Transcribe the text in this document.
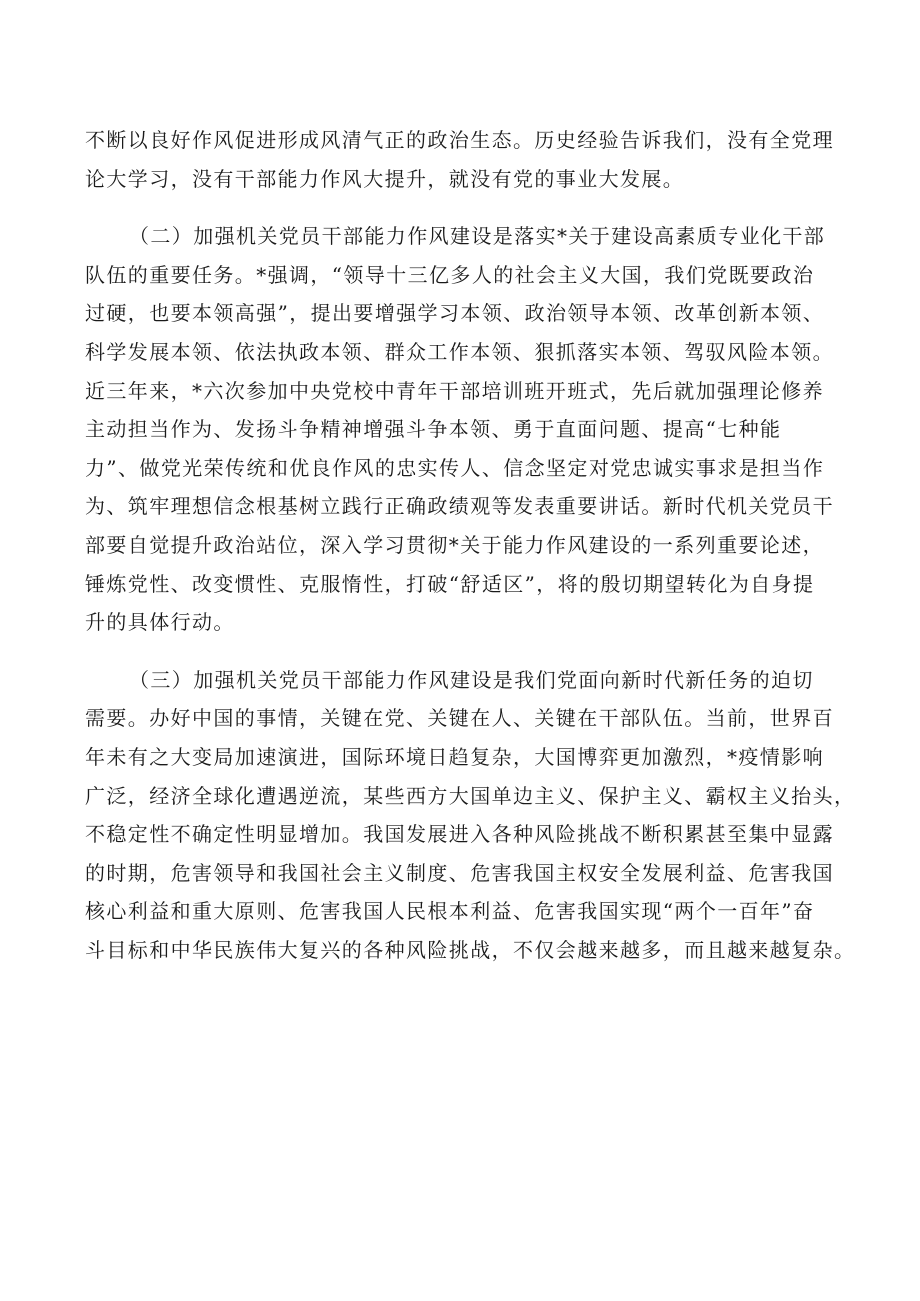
不断以良好作风促进形成风清气正的政治生态。历史经验告诉我们，没有全党理
论大学习，没有干部能力作风大提升，就没有党的事业大发展。
（二）加强机关党员干部能力作风建设是落实*关于建设高素质专业化干部
队伍的重要任务。*强调，“领导十三亿多人的社会主义大国，我们党既要政治
过硬，也要本领高强”，提出要增强学习本领、政治领导本领、改革创新本领、
科学发展本领、依法执政本领、群众工作本领、狠抓落实本领、驾驭风险本领。
近三年来，*六次参加中央党校中青年干部培训班开班式，先后就加强理论修养
主动担当作为、发扬斗争精神增强斗争本领、勇于直面问题、提高“七种能
力”、做党光荣传统和优良作风的忠实传人、信念坚定对党忠诚实事求是担当作
为、筑牢理想信念根基树立践行正确政绩观等发表重要讲话。新时代机关党员干
部要自觉提升政治站位，深入学习贯彻*关于能力作风建设的一系列重要论述，
锤炼党性、改变惯性、克服惰性，打破“舒适区”，将的殷切期望转化为自身提
升的具体行动。
（三）加强机关党员干部能力作风建设是我们党面向新时代新任务的迫切
需要。办好中国的事情，关键在党、关键在人、关键在干部队伍。当前，世界百
年未有之大变局加速演进，国际环境日趋复杂，大国博弈更加激烈，*疫情影响
广泛，经济全球化遭遇逆流，某些西方大国单边主义、保护主义、霸权主义抬头，
不稳定性不确定性明显增加。我国发展进入各种风险挑战不断积累甚至集中显露
的时期，危害领导和我国社会主义制度、危害我国主权安全发展利益、危害我国
核心利益和重大原则、危害我国人民根本利益、危害我国实现“两个一百年”奋
斗目标和中华民族伟大复兴的各种风险挑战，不仅会越来越多，而且越来越复杂。
